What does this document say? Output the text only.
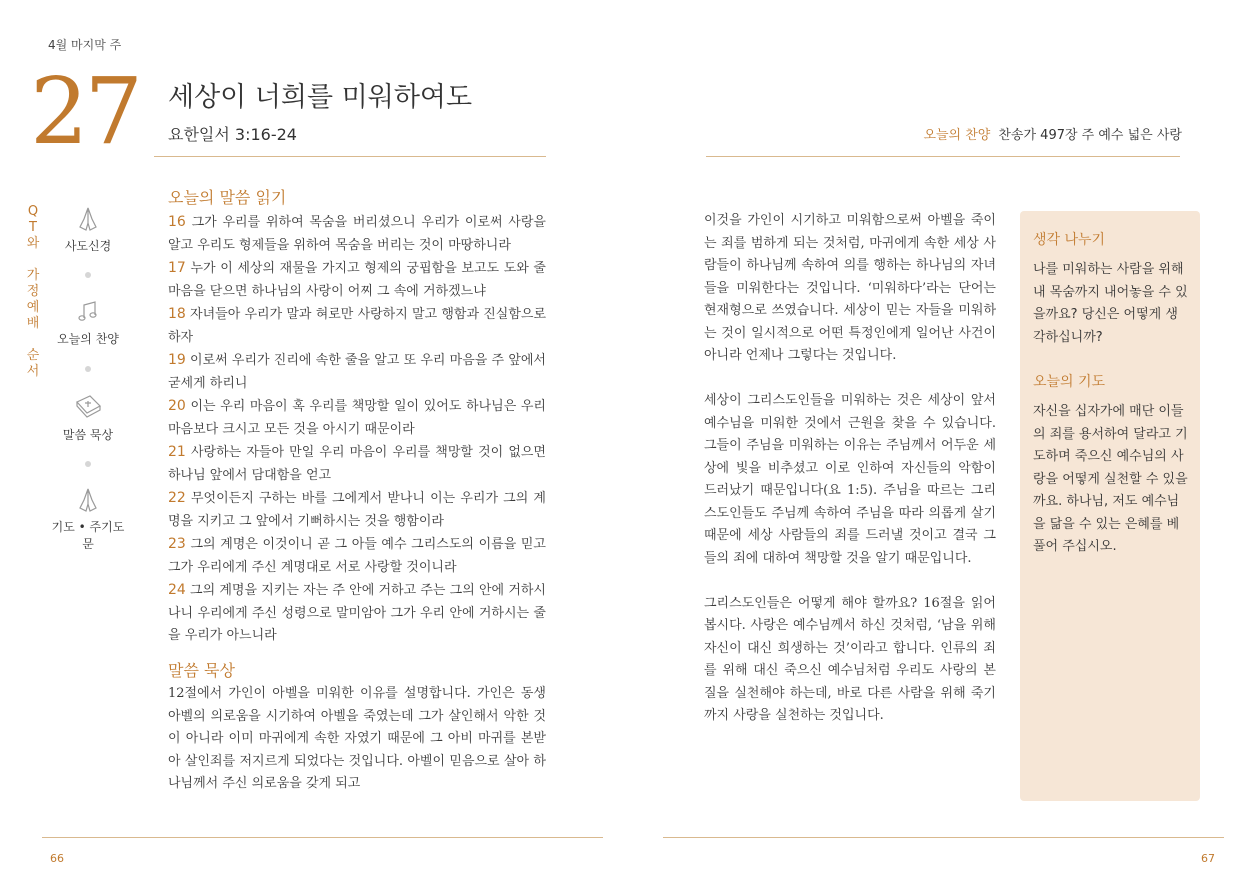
4월 마지막 주
27 세상이 너희를 미워하여도
요한일서 3:16-24	오늘의 찬양 찬송가 497장 주 예수 넓은 사랑
Q
T
와
가
정
예
배
순
서
사도신경
오늘의 찬양
말씀 묵상
기도 • 주기도문
오늘의 말씀 읽기
16 그가 우리를 위하여 목숨을 버리셨으니 우리가 이로써 사랑을 알고 우리도 형제들을 위하여 목숨을 버리는 것이 마땅하니라
17 누가 이 세상의 재물을 가지고 형제의 궁핍함을 보고도 도와 줄 마음을 닫으면 하나님의 사랑이 어찌 그 속에 거하겠느냐
18 자녀들아 우리가 말과 혀로만 사랑하지 말고 행함과 진실함으로 하자
19 이로써 우리가 진리에 속한 줄을 알고 또 우리 마음을 주 앞에서 굳세게 하리니
20 이는 우리 마음이 혹 우리를 책망할 일이 있어도 하나님은 우리 마음보다 크시고 모든 것을 아시기 때문이라
21 사랑하는 자들아 만일 우리 마음이 우리를 책망할 것이 없으면 하나님 앞에서 담대함을 얻고
22 무엇이든지 구하는 바를 그에게서 받나니 이는 우리가 그의 계명을 지키고 그 앞에서 기뻐하시는 것을 행함이라
23 그의 계명은 이것이니 곧 그 아들 예수 그리스도의 이름을 믿고 그가 우리에게 주신 계명대로 서로 사랑할 것이니라
24 그의 계명을 지키는 자는 주 안에 거하고 주는 그의 안에 거하시나니 우리에게 주신 성령으로 말미암아 그가 우리 안에 거하시는 줄을 우리가 아느니라
말씀 묵상
12절에서 가인이 아벨을 미워한 이유를 설명합니다. 가인은 동생 아벨의 의로움을 시기하여 아벨을 죽였는데 그가 살인해서 악한 것이 아니라 이미 마귀에게 속한 자였기 때문에 그 아비 마귀를 본받아 살인죄를 저지르게 되었다는 것입니다. 아벨이 믿음으로 살아 하나님께서 주신 의로움을 갖게 되고

이것을 가인이 시기하고 미워함으로써 아벨을 죽이는 죄를 범하게 되는 것처럼, 마귀에게 속한 세상 사람들이 하나님께 속하여 의를 행하는 하나님의 자녀들을 미워한다는 것입니다. ‘미워하다’라는 단어는 현재형으로 쓰였습니다. 세상이 믿는 자들을 미워하는 것이 일시적으로 어떤 특정인에게 일어난 사건이 아니라 언제나 그렇다는 것입니다.

세상이 그리스도인들을 미워하는 것은 세상이 앞서 예수님을 미워한 것에서 근원을 찾을 수 있습니다. 그들이 주님을 미워하는 이유는 주님께서 어두운 세상에 빛을 비추셨고 이로 인하여 자신들의 악함이 드러났기 때문입니다(요 1:5). 주님을 따르는 그리스도인들도 주님께 속하여 주님을 따라 의롭게 살기 때문에 세상 사람들의 죄를 드러낼 것이고 결국 그들의 죄에 대하여 책망할 것을 알기 때문입니다.

그리스도인들은 어떻게 해야 할까요? 16절을 읽어 봅시다. 사랑은 예수님께서 하신 것처럼, ‘남을 위해 자신이 대신 희생하는 것’이라고 합니다. 인류의 죄를 위해 대신 죽으신 예수님처럼 우리도 사랑의 본질을 실천해야 하는데, 바로 다른 사람을 위해 죽기까지 사랑을 실천하는 것입니다.

생각 나누기

나를 미워하는 사람을 위해 내 목숨까지 내어놓을 수 있을까요? 당신은 어떻게 생각하십니까?

오늘의 기도

자신을 십자가에 매단 이들의 죄를 용서하여 달라고 기도하며 죽으신 예수님의 사랑을 어떻게 실천할 수 있을까요. 하나님, 저도 예수님을 닮을 수 있는 은혜를 베풀어 주십시오.

66	67
